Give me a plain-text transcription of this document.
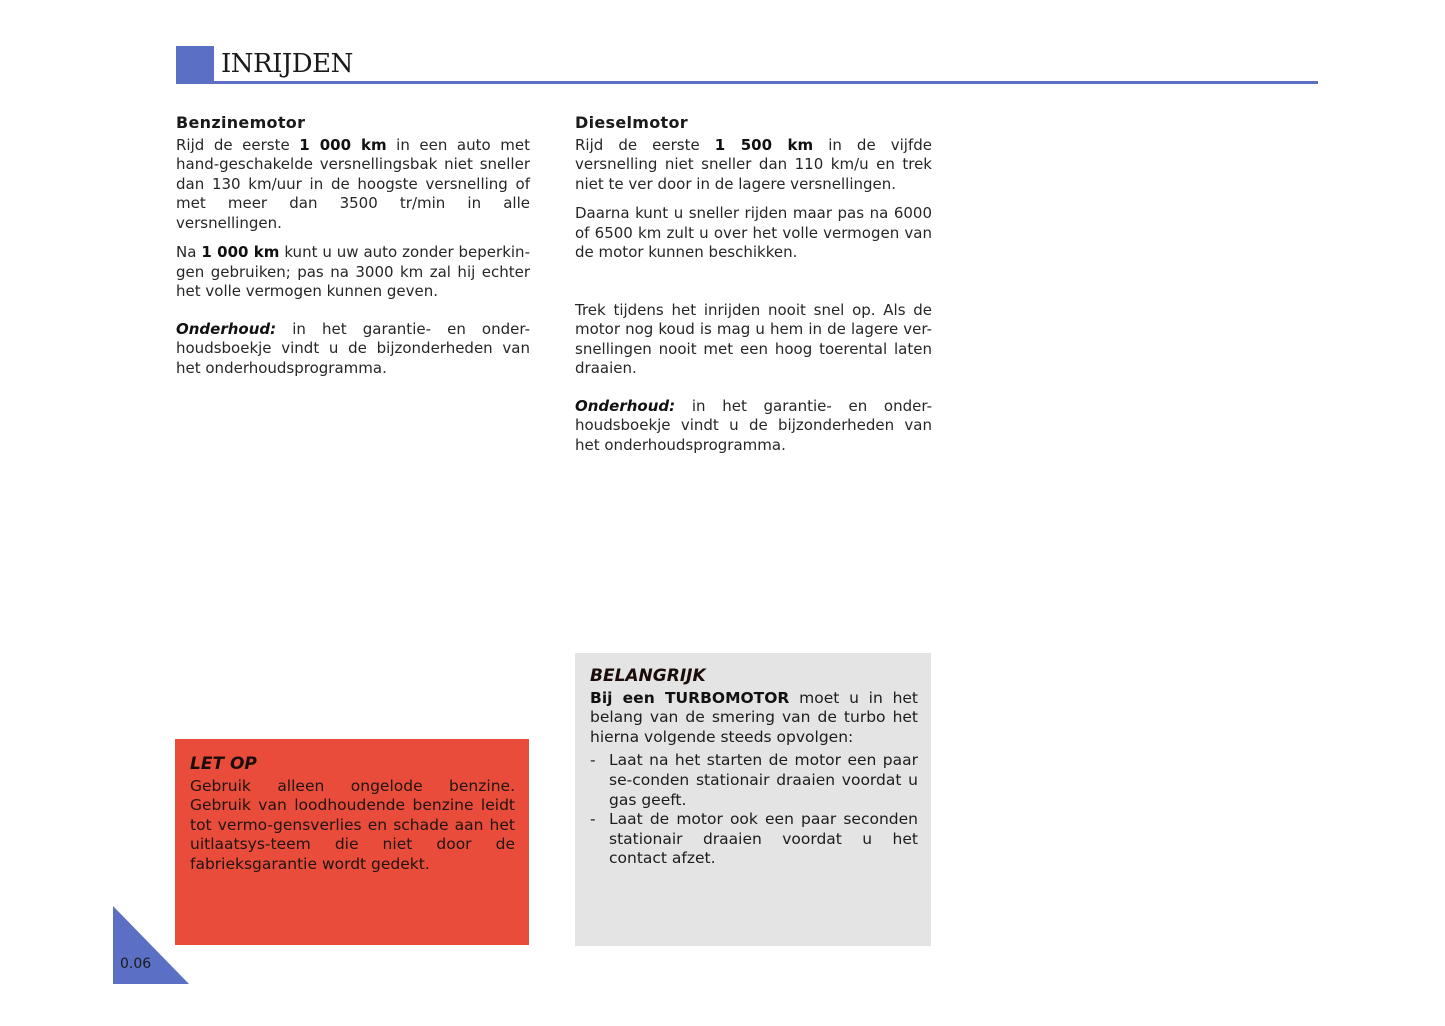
INRIJDEN
Benzinemotor

Rijd de eerste 1 000 km in een auto met hand-geschakelde versnellingsbak niet sneller dan 130 km/uur in de hoogste versnelling of met meer dan 3500 tr/min in alle versnellingen.

Na 1 000 km kunt u uw auto zonder beperkin-gen gebruiken; pas na 3000 km zal hij echter het volle vermogen kunnen geven.

Onderhoud: in het garantie- en onder-houdsboekje vindt u de bijzonderheden van het onderhoudsprogramma.

Dieselmotor

Rijd de eerste 1 500 km in de vijfde versnelling niet sneller dan 110 km/u en trek niet te ver door in de lagere versnellingen.

Daarna kunt u sneller rijden maar pas na 6000 of 6500 km zult u over het volle vermogen van de motor kunnen beschikken.

Trek tijdens het inrijden nooit snel op. Als de motor nog koud is mag u hem in de lagere ver-snellingen nooit met een hoog toerental laten draaien.

Onderhoud: in het garantie- en onder-houdsboekje vindt u de bijzonderheden van het onderhoudsprogramma.

LET OP

Gebruik alleen ongelode benzine. Gebruik van loodhoudende benzine leidt tot vermo-gensverlies en schade aan het uitlaatsys-teem die niet door de fabrieksgarantie wordt gedekt.

BELANGRIJK

Bij een TURBOMOTOR moet u in het belang van de smering van de turbo het hierna volgende steeds opvolgen:

- Laat na het starten de motor een paar se-conden stationair draaien voordat u gas geeft.
- Laat de motor ook een paar seconden stationair draaien voordat u het contact afzet.
0.06
